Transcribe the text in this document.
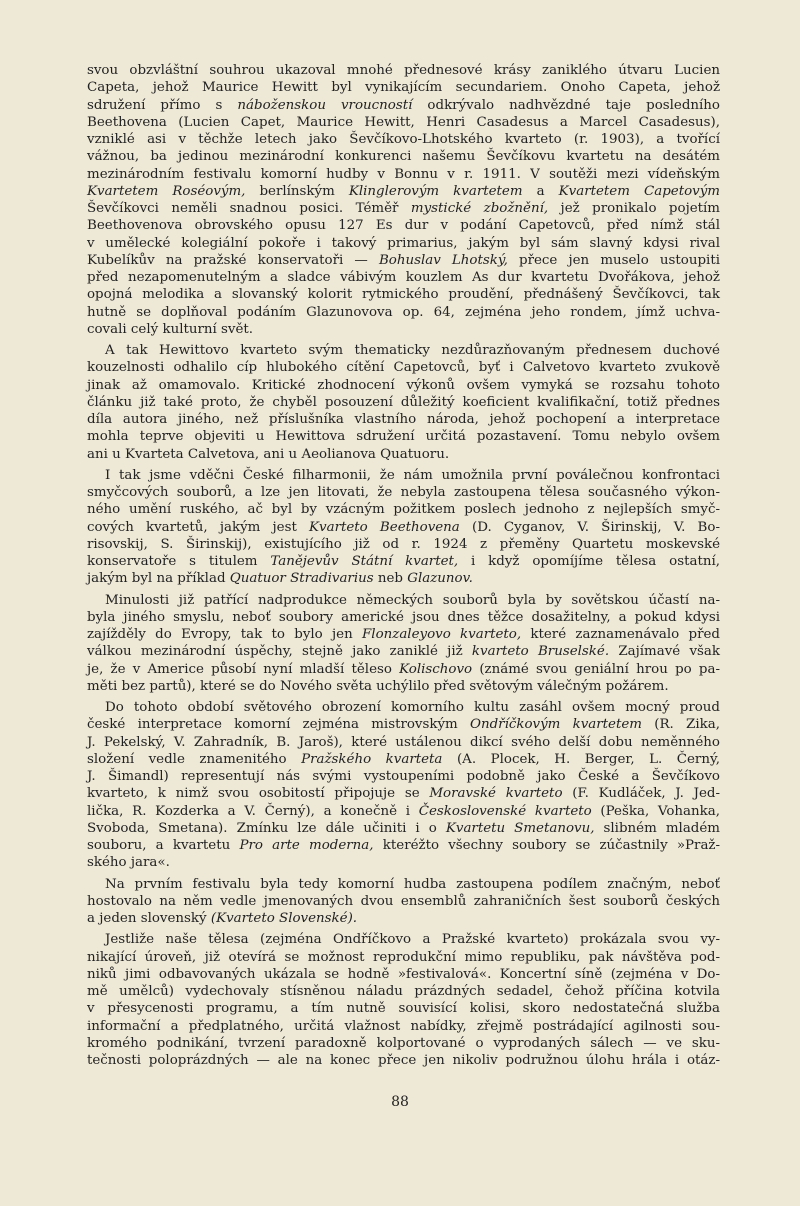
svou obzvláštní souhrou ukazoval mnohé přednesové krásy zaniklého útvaru Lucien
Capeta, jehož Maurice Hewitt byl vynikajícím secundariem. Onoho Capeta, jehož
sdružení přímo s náboženskou vroucností odkrývalo nadhvězdné taje posledního
Beethovena (Lucien Capet, Maurice Hewitt, Henri Casadesus a Marcel Casadesus),
vzniklé asi v těchže letech jako Ševčíkovo-Lhotského kvarteto (r. 1903), a tvořící
vážnou, ba jedinou mezinárodní konkurenci našemu Ševčíkovu kvartetu na desátém
mezinárodním festivalu komorní hudby v Bonnu v r. 1911. V soutěži mezi vídeňským
Kvartetem Roséovým, berlínským Klinglerovým kvartetem a Kvartetem Capetovým
Ševčíkovci neměli snadnou posici. Téměř mystické zbožnění, jež pronikalo pojetím
Beethovenova obrovského opusu 127 Es dur v podání Capetovců, před nímž stál
v umělecké kolegiální pokoře i takový primarius, jakým byl sám slavný kdysi rival
Kubelíkův na pražské konservatoři — Bohuslav Lhotský, přece jen muselo ustoupiti
před nezapomenutelným a sladce vábivým kouzlem As dur kvartetu Dvořákova, jehož
opojná melodika a slovanský kolorit rytmického proudění, přednášený Ševčíkovci, tak
hutně se doplňoval podáním Glazunovova op. 64, zejména jeho rondem, jímž uchva-
covali celý kulturní svět.
A tak Hewittovo kvarteto svým thematicky nezdůrazňovaným přednesem duchové
kouzelnosti odhalilo cíp hlubokého cítění Capetovců, byť i Calvetovo kvarteto zvukově
jinak až omamovalo. Kritické zhodnocení výkonů ovšem vymyká se rozsahu tohoto
článku již také proto, že chyběl posouzení důležitý koeficient kvalifikační, totiž přednes
díla autora jiného, než příslušníka vlastního národa, jehož pochopení a interpretace
mohla teprve objeviti u Hewittova sdružení určitá pozastavení. Tomu nebylo ovšem
ani u Kvarteta Calvetova, ani u Aeolianova Quatuoru.
I tak jsme vděčni České filharmonii, že nám umožnila první poválečnou konfrontaci
smyčcových souborů, a lze jen litovati, že nebyla zastoupena tělesa současného výkon-
ného umění ruského, ač byl by vzácným požitkem poslech jednoho z nejlepších smyč-
cových kvartetů, jakým jest Kvarteto Beethovena (D. Cyganov, V. Širinskij, V. Bo-
risovskij, S. Širinskij), existujícího již od r. 1924 z přeměny Quartetu moskevské
konservatoře s titulem Tanějevův Státní kvartet, i když opomíjíme tělesa ostatní,
jakým byl na příklad Quatuor Stradivarius neb Glazunov.
Minulosti již patřící nadprodukce německých souborů byla by sovětskou účastí na-
byla jiného smyslu, neboť soubory americké jsou dnes těžce dosažitelny, a pokud kdysi
zajížděly do Evropy, tak to bylo jen Flonzaleyovo kvarteto, které zaznamenávalo před
válkou mezinárodní úspěchy, stejně jako zaniklé již kvarteto Bruselské. Zajímavé však
je, že v Americe působí nyní mladší těleso Kolischovo (známé svou geniální hrou po pa-
měti bez partů), které se do Nového světa uchýlilo před světovým válečným požárem.
Do tohoto období světového obrození komorního kultu zasáhl ovšem mocný proud
české interpretace komorní zejména mistrovským Ondříčkovým kvartetem (R. Zika,
J. Pekelský, V. Zahradník, B. Jaroš), které ustálenou dikcí svého delší dobu neměnného
složení vedle znamenitého Pražského kvarteta (A. Plocek, H. Berger, L. Černý,
J. Šimandl) representují nás svými vystoupeními podobně jako České a Ševčíkovo
kvarteto, k nimž svou osobitostí připojuje se Moravské kvarteto (F. Kudláček, J. Jed-
lička, R. Kozderka a V. Černý), a konečně i Československé kvarteto (Peška, Vohanka,
Svoboda, Smetana). Zmínku lze dále učiniti i o Kvartetu Smetanovu, slibném mladém
souboru, a kvartetu Pro arte moderna, kteréžto všechny soubory se zúčastnily »Praž-
ského jara«.
Na prvním festivalu byla tedy komorní hudba zastoupena podílem značným, neboť
hostovalo na něm vedle jmenovaných dvou ensemblů zahraničních šest souborů českých
a jeden slovenský (Kvarteto Slovenské).
Jestliže naše tělesa (zejména Ondříčkovo a Pražské kvarteto) prokázala svou vy-
nikající úroveň, již otevírá se možnost reprodukční mimo republiku, pak návštěva pod-
niků jimi odbavovaných ukázala se hodně »festivalová«. Koncertní síně (zejména v Do-
mě umělců) vydechovaly stísněnou náladu prázdných sedadel, čehož příčina kotvila
v přesycenosti programu, a tím nutně souvisící kolisi, skoro nedostatečná služba
informační a předplatného, určitá vlažnost nabídky, zřejmě postrádající agilnosti sou-
kromého podnikání, tvrzení paradoxně kolportované o vyprodaných sálech — ve sku-
tečnosti poloprázdných — ale na konec přece jen nikoliv podružnou úlohu hrála i otáz-
88
